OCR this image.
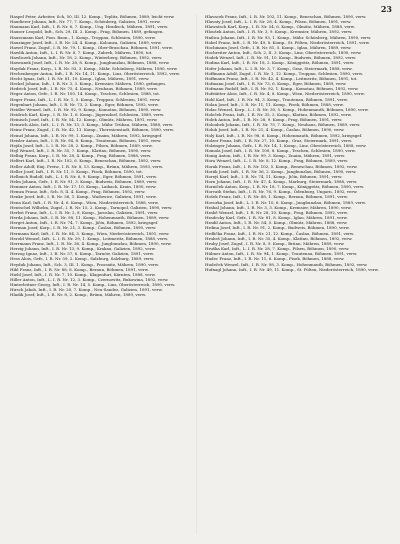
23

Haspel Peter, Arbeiter, Sch, 50, III. 12. Komp., Teplitz, Böhmen, 1889, leicht verw.

Haudierer Johann, Inft., Nr. 77, 7. Komp., Schönberg, Galizien, 1891, verw.

Haumann Karl, Inft., I. R. Nr. 6, 7. Komp., Ung. Hradisch, Mähren, 1891, verw.

Hauser Leopold, Inft., Sch. 29, III. 2. Komp., Prag, Böhmen, 1889, gefangen.

Haussmann Karl, Pion. Baon., 1. Komp., Troppau, Schlesien, 1890, verw.

Hauzinger Josef, Inft., I. R. Nr. 24, 4. Komp., Kolomea, Galizien, 1889, verw.

Hawel Franz, Zugsf., I. R. Nr. 79, 1. Komp., Ober-Braschau, Böhmen, 1891, verw.

Hawlik Anton, Inft., L. I. R. Nr. 8, 7. Komp., Zabreh, Mähren, 1890, tot.

Hawliczek Johann, Inft., Nr. 18, 2. Komp., Winterberg, Böhmen, 1892, verw.

Hawranek Josef, Inft., I. R. Nr. 28, 8. Komp., Jungbunzlau, Böhmen, 1888, verw.

Hayduk Franz, Korp., I. R. Nr. 93, 3. Komp., Mähr. Schönberg, Mähren, 1890, verw.

Hechenberger Anton, Inft., I. R. Nr. 14, 11. Komp., Linz, Oberösterreich, 1892, verw.

Hecht Ignaz, Inft., I. R. Nr. 81, 10. Komp., Iglau, Mähren, 1891, verw.

Heckel Johann, Inft., I. R. Nr. 3, 3. Komp., Kremsier, Mähren, 1890, gefangen.

Hedrich Josef, Inft., I. R. Nr. 75, 4. Komp., Neuhaus, Böhmen, 1889, verw.

Heger Anton, Gefr., I. R. Nr. 100, 14. Komp., Teschen, Schlesien, 1888, tot.

Heger Franz, Inft., L. I. R. Nr. 1, 5. Komp., Troppau, Schlesien, 1891, verw.

Hegenbart Johann, Inft., I. R. Nr. 73, 2. Komp., Eger, Böhmen, 1892, verw.

Heidler Wenzel, Inft., I. R. Nr. 92, 9. Komp., Komotau, Böhmen, 1890, verw.

Heidrich Karl, Korp., I. R. Nr. 1, 6. Komp., Jägerndorf, Schlesien, 1889, verw.

Heinisch Josef, Inft., I. R. Nr. 54, 12. Komp., Olmütz, Mähren, 1891, verw.

Heinrich Alois, Inft., L. I. R. Nr. 13, 3. Komp., Mähr. Trübau, Mähren, 1888, verw.

Heinz Franz, Zugsf., I. R. Nr. 42, 11. Komp., Theresienstadt, Böhmen, 1890, verw.

Heinzl Johann, Inft., I. R. Nr. 99, 1. Komp., Znaim, Mähren, 1892, kriegsgef.

Heisler Anton, Inft., I. R. Nr. 94, 8. Komp., Trautenau, Böhmen, 1891, verw.

Hejda Josef, Inft., L. I. R. Nr. 28, 2. Komp., Pilsen, Böhmen, 1889, verw.

Hejl Wenzel, Inft., I. R. Nr. 35, 7. Komp., Klattau, Böhmen, 1890, verw.

Helbig Franz, Korp., I. R. Nr. 28, 4. Komp., Prag, Böhmen, 1888, verw.

Helfert Karl, Inft., I. R. Nr. 102, 6. Komp., Beneschau, Böhmen, 1892, verw.

Heller Adolf, Einj. Freiw., I. R. Nr. 8, 13. Komp., Brünn, Mähren, 1893, verw.

Heller Josef, Inft., I. R. Nr. 11, 5. Komp., Pisek, Böhmen, 1890, tot.

Hellmich Rudolf, Inft., L. I. R. Nr. 6, 9. Komp., Eger, Böhmen, 1891, verw.

Helm Johann, Gefr., I. R. Nr. 91, 3. Komp., Budweis, Böhmen, 1889, verw.

Hemmer Anton, Inft., I. R. Nr. 17, 10. Komp., Laibach, Krain, 1890, verw.

Hemza Franz, Inft., Sch. 8, II. 4. Komp., Prag, Böhmen, 1892, verw.

Henke Josef, Inft., I. R. Nr. 56, 1. Komp., Wadowice, Galizien, 1891, verw.

Henn Karl, Inft., I. R. Nr. 4, 6. Komp., Wien, Niederösterreich, 1888, verw.

Hentschel Wilhelm, Zugsf., I. R. Nr. 15, 2. Komp., Tarnopol, Galizien, 1890, verw.

Herbst Franz, Inft., L. I. R. Nr. 2, 8. Komp., Jaroslau, Galizien, 1891, verw.

Herda Johann, Inft., I. R. Nr. 98, 11. Komp., Hohenmauth, Böhmen, 1889, verw.

Herget Anton, Inft., I. R. Nr. 74, 7. Komp., Jičín, Böhmen, 1892, kriegsgef.

Herman Josef, Korp., I. R. Nr. 21, 3. Komp., Časlau, Böhmen, 1890, verw.

Hermann Karl, Inft., I. R. Nr. 84, 5. Komp., Wien, Niederösterreich, 1891, verw.

Herold Wenzel, Inft., L. I. R. Nr. 29, 1. Komp., Leitmeritz, Böhmen, 1888, verw.

Herrmann Franz, Inft., I. R. Nr. 36, 4. Komp., Jungbunzlau, Böhmen, 1890, verw.

Herzig Johann, Inft., I. R. Nr. 13, 9. Komp., Krakau, Galizien, 1892, verw.

Herzog Ignaz, Inft., I. R. Nr. 57, 6. Komp., Tarnów, Galizien, 1891, verw.

Hess Alois, Gefr., I. R. Nr. 59, 2. Komp., Salzburg, Salzburg, 1889, verw.

Heyduk Johann, Inft., Sch. 3, III. 1. Komp., Prossnitz, Mähren, 1890, verw.

Hibl Franz, Inft., I. R. Nr. 88, 8. Komp., Beraun, Böhmen, 1891, verw.

Hiebl Josef, Inft., I. R. Nr. 7, 10. Komp., Klagenfurt, Kärnten, 1888, verw.

Hiller Anton, Inft., L. I. R. Nr. 12, 3. Komp., Czernowitz, Bukowina, 1892, verw.

Hinterleitner Georg, Inft., I. R. Nr. 14, 5. Komp., Linz, Oberösterreich, 1890, verw.

Hirsch Jakob, Inft., I. R. Nr. 20, 7. Komp., Neu-Sandez, Galizien, 1891, verw.

Hladik Josef, Inft., I. R. Nr. 8, 2. Komp., Brünn, Mähren, 1889, verw.

Hlavacek Franz, Inft., I. R. Nr. 102, 11. Komp., Beneschau, Böhmen, 1890, verw.

Hlavaty Josef, Inft., L. I. R. Nr. 28, 4. Komp., Pilsen, Böhmen, 1891, verw.

Hlawatsch Karl, Korp., I. R. Nr. 54, 6. Komp., Olmütz, Mähren, 1888, verw.

Hloušek Anton, Inft., I. R. Nr. 3, 9. Komp., Kremsier, Mähren, 1892, verw.

Hnilica Johann, Inft., I. R. Nr. 93, 1. Komp., Mähr. Schönberg, Mähren, 1890, verw.

Hobel Franz, Inft., I. R. Nr. 49, 8. Komp., St. Pölten, Niederösterreich, 1891, verw.

Hochmann Josef, Gefr., I. R. Nr. 81, 5. Komp., Iglau, Mähren, 1889, verw.

Hochreiter Anton, Inft., Sch. 2, II. 3. Komp., Linz, Oberösterreich, 1890, verw.

Hodek Wenzel, Inft., I. R. Nr. 91, 10. Komp., Budweis, Böhmen, 1892, verw.

Hodina Karl, Inft., I. R. Nr. 18, 2. Komp., Königgrätz, Böhmen, 1891, verw.

Hofer Johann, Inft., L. I. R. Nr. 3, 7. Komp., Graz, Steiermark, 1888, verw.

Hoffmann Adolf, Zugsf., I. R. Nr. 1, 12. Komp., Troppau, Schlesien, 1890, verw.

Hoffmann Franz, Inft., I. R. Nr. 42, 4. Komp., Leitmeritz, Böhmen, 1891, tot.

Hofmann Josef, Inft., I. R. Nr. 73, 6. Komp., Eger, Böhmen, 1889, verw.

Hofmann Rudolf, Inft., I. R. Nr. 92, 1. Komp., Komotau, Böhmen, 1892, verw.

Hofstätter Alois, Inft., I. R. Nr. 4, 8. Komp., Wien, Niederösterreich, 1890, verw.

Hohl Karl, Inft., I. R. Nr. 94, 3. Komp., Trautenau, Böhmen, 1891, verw.

Holan Josef, Inft., I. R. Nr. 11, 11. Komp., Pisek, Böhmen, 1888, verw.

Holas Wenzel, Korp., L. I. R. Nr. 30, 5. Komp., Hohenmauth, Böhmen, 1890, verw.

Holeček Franz, Inft., I. R. Nr. 35, 2. Komp., Klattau, Böhmen, 1892, verw.

Holek Anton, Inft., I. R. Nr. 28, 9. Komp., Prag, Böhmen, 1891, verw.

Holoubek Johann, Inft., I. R. Nr. 75, 7. Komp., Neuhaus, Böhmen, 1889, verw.

Holub Josef, Inft., I. R. Nr. 21, 4. Komp., Časlau, Böhmen, 1890, verw.

Holý Karl, Inft., I. R. Nr. 98, 6. Komp., Hohenmauth, Böhmen, 1892, kriegsgef.

Holzer Franz, Inft., I. R. Nr. 27, 10. Komp., Graz, Steiermark, 1891, verw.

Holzinger Johann, Gefr., I. R. Nr. 14, 1. Komp., Linz, Oberösterreich, 1888, verw.

Homola Josef, Inft., I. R. Nr. 100, 8. Komp., Teschen, Schlesien, 1890, verw.

Honig Anton, Inft., I. R. Nr. 99, 3. Komp., Znaim, Mähren, 1891, verw.

Hora Wenzel, Inft., L. I. R. Nr. 8, 12. Komp., Prag, Böhmen, 1889, verw.

Horak Franz, Inft., I. R. Nr. 102, 5. Komp., Beneschau, Böhmen, 1892, verw.

Horák Josef, Inft., I. R. Nr. 36, 2. Komp., Jungbunzlau, Böhmen, 1890, verw.

Horejš Karl, Inft., I. R. Nr. 74, 11. Komp., Jičín, Böhmen, 1891, verw.

Horn Johann, Inft., I. R. Nr. 47, 4. Komp., Marburg, Steiermark, 1888, verw.

Horníček Anton, Korp., I. R. Nr. 18, 7. Komp., Königgrätz, Böhmen, 1890, verw.

Horvath Stefan, Inft., I. R. Nr. 76, 9. Komp., Ödenburg, Ungarn, 1892, verw.

Hošek Franz, Inft., I. R. Nr. 88, 1. Komp., Beraun, Böhmen, 1891, verw.

Hovorka Josef, Inft., L. I. R. Nr. 10, 6. Komp., Jungbunzlau, Böhmen, 1889, verw.

Hrabal Johann, Inft., I. R. Nr. 3, 3. Komp., Kremsier, Mähren, 1890, verw.

Hrabě Wenzel, Inft., I. R. Nr. 28, 10. Komp., Prag, Böhmen, 1892, verw.

Hradecky Karl, Gefr., I. R. Nr. 81, 8. Komp., Iglau, Mähren, 1891, verw.

Hradil Anton, Inft., I. R. Nr. 54, 5. Komp., Olmütz, Mähren, 1888, verw.

Hrdina Josef, Inft., I. R. Nr. 91, 2. Komp., Budweis, Böhmen, 1890, verw.

Hrdlička Franz, Inft., I. R. Nr. 21, 12. Komp., Časlau, Böhmen, 1891, verw.

Hrubeš Johann, Inft., I. R. Nr. 35, 4. Komp., Klattau, Böhmen, 1892, verw.

Hruby Josef, Zugsf., I. R. Nr. 8, 9. Komp., Brünn, Mähren, 1889, verw.

Hruška Karl, Inft., L. I. R. Nr. 28, 7. Komp., Pilsen, Böhmen, 1890, verw.

Hübner Anton, Inft., I. R. Nr. 94, 1. Komp., Trautenau, Böhmen, 1891, verw.

Hudec Franz, Inft., I. R. Nr. 11, 6. Komp., Pisek, Böhmen, 1888, verw.

Hudeček Wenzel, Inft., I. R. Nr. 98, 3. Komp., Hohenmauth, Böhmen, 1892, verw.

Hufnagl Johann, Inft., I. R. Nr. 49, 11. Komp., St. Pölten, Niederösterreich, 1890, verw.
